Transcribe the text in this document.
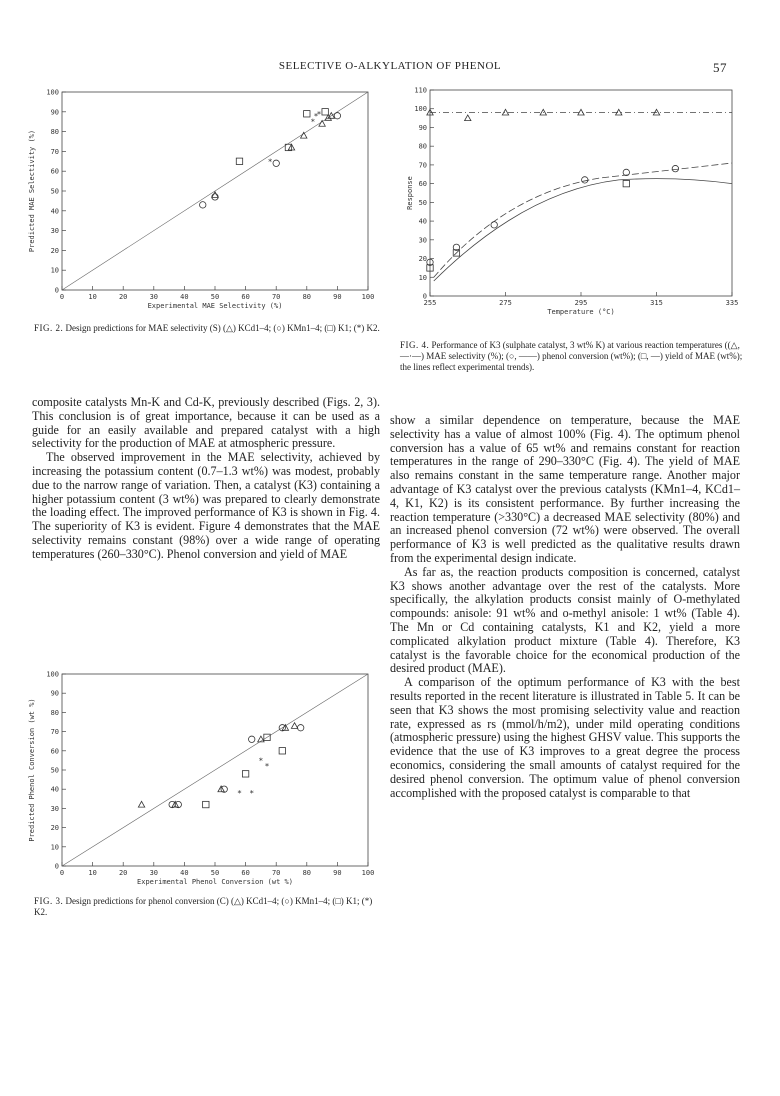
SELECTIVE O-ALKYLATION OF PHENOL	57
0	10	20	30	40	50	60	70	80	90	100
0
10
20
30
40
50
60
70
80
90
100
Experimental MAE Selectivity (%)
Predicted MAE Selectivity (%)	*
*
* *
FIG. 2. Design predictions for MAE selectivity (S) (△) KCd1–4; (○) KMn1–4; (□) K1; (*) K2.
255	275	295	315	335
0
10
20
30
40
50
60
70
80
90
100
110
Temperature (°C)
Response
FIG. 4. Performance of K3 (sulphate catalyst, 3 wt% K) at various reaction temperatures ((△, —·—) MAE selectivity (%); (○, ——) phenol conversion (wt%); (□, —) yield of MAE (wt%); the lines reflect experimental trends).

composite catalysts Mn-K and Cd-K, previously described (Figs. 2, 3). This conclusion is of great importance, because it can be used as a guide for an easily available and prepared catalyst with a high selectivity for the production of MAE at atmospheric pressure.

The observed improvement in the MAE selectivity, achieved by increasing the potassium content (0.7–1.3 wt%) was modest, probably due to the narrow range of variation. Then, a catalyst (K3) containing a higher potassium content (3 wt%) was prepared to clearly demonstrate the loading effect. The improved performance of K3 is shown in Fig. 4. The superiority of K3 is evident. Figure 4 demonstrates that the MAE selectivity remains constant (98%) over a wide range of operating temperatures (260–330°C). Phenol conversion and yield of MAE

show a similar dependence on temperature, because the MAE selectivity has a value of almost 100% (Fig. 4). The optimum phenol conversion has a value of 65 wt% and remains constant for reaction temperatures in the range of 290–330°C (Fig. 4). The yield of MAE also remains constant in the same temperature range. Another major advantage of K3 catalyst over the previous catalysts (KMn1–4, KCd1–4, K1, K2) is its consistent performance. By further increasing the reaction temperature (>330°C) a decreased MAE selectivity (80%) and an increased phenol conversion (72 wt%) were observed. The overall performance of K3 is well predicted as the qualitative results drawn from the experimental design indicate.

As far as, the reaction products composition is concerned, catalyst K3 shows another advantage over the rest of the catalysts. More specifically, the alkylation products consist mainly of O-methylated compounds: anisole: 91 wt% and o-methyl anisole: 1 wt% (Table 4). The Mn or Cd containing catalysts, K1 and K2, yield a more complicated alkylation product mixture (Table 4). Therefore, K3 catalyst is the favorable choice for the economical production of the desired product (MAE).

A comparison of the optimum performance of K3 with the best results reported in the recent literature is illustrated in Table 5. It can be seen that K3 shows the most promising selectivity value and reaction rate, expressed as rs (mmol/h/m2), under mild operating conditions (atmospheric pressure) using the highest GHSV value. This supports the evidence that the use of K3 improves to a great degree the process economics, considering the small amounts of catalyst required for the desired phenol conversion. The optimum value of phenol conversion accomplished with the proposed catalyst is comparable to that

0	10	20	30	40	50	60	70	80	90	100
0
10
20
30
40
50
60
70
80
90
100
Experimental Phenol Conversion (wt %)
Predicted Phenol Conversion (wt %)	* *
*
*
FIG. 3. Design predictions for phenol conversion (C) (△) KCd1–4; (○) KMn1–4; (□) K1; (*) K2.
